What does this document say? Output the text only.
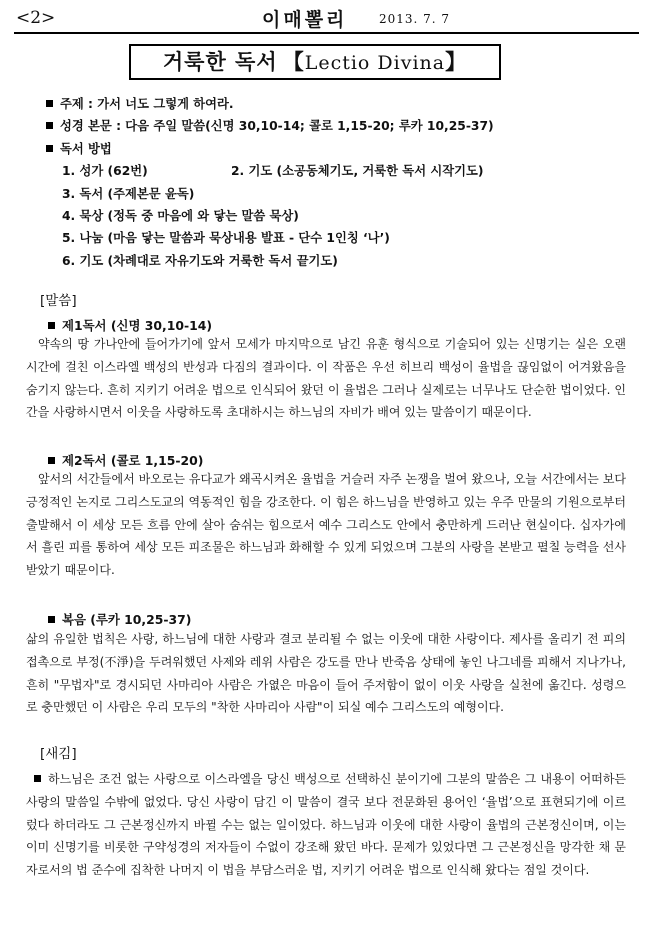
<2>	이매뽈리	2013. 7. 7
거룩한 독서 【Lectio Divina】
주제 : 가서 너도 그렇게 하여라.
성경 본문 : 다음 주일 말씀(신명 30,10-14; 콜로 1,15-20; 루카 10,25-37)
독서 방법
1. 성가 (62번)	2. 기도 (소공동체기도, 거룩한 독서 시작기도)
3. 독서 (주제본문 윤독)
4. 묵상 (정독 중 마음에 와 닿는 말씀 묵상)
5. 나눔 (마음 닿는 말씀과 묵상내용 발표 - 단수 1인칭 ‘나’)
6. 기도 (차례대로 자유기도와 거룩한 독서 끝기도)
[말씀]
제1독서 (신명 30,10-14)

약속의 땅 가나안에 들어가기에 앞서 모세가 마지막으로 남긴 유훈 형식으로 기술되어 있는 신명기는 실은 오랜 시간에 걸친 이스라엘 백성의 반성과 다짐의 결과이다. 이 작품은 우선 히브리 백성이 율법을 끊임없이 어겨왔음을 숨기지 않는다. 흔히 지키기 어려운 법으로 인식되어 왔던 이 율법은 그러나 실제로는 너무나도 단순한 법이었다. 인간을 사랑하시면서 이웃을 사랑하도록 초대하시는 하느님의 자비가 배여 있는 말씀이기 때문이다.

제2독서 (콜로 1,15-20)

앞서의 서간들에서 바오로는 유다교가 왜곡시켜온 율법을 거슬러 자주 논쟁을 벌여 왔으나, 오늘 서간에서는 보다 긍정적인 논지로 그리스도교의 역동적인 힘을 강조한다. 이 힘은 하느님을 반영하고 있는 우주 만물의 기원으로부터 출발해서 이 세상 모든 흐름 안에 살아 숨쉬는 힘으로서 예수 그리스도 안에서 충만하게 드러난 현실이다. 십자가에서 흘린 피를 통하여 세상 모든 피조물은 하느님과 화해할 수 있게 되었으며 그분의 사랑을 본받고 펼칠 능력을 선사 받았기 때문이다.

복음 (루카 10,25-37)

삶의 유일한 법칙은 사랑, 하느님에 대한 사랑과 결코 분리될 수 없는 이웃에 대한 사랑이다. 제사를 올리기 전 피의 접촉으로 부정(不淨)을 두려워했던 사제와 레위 사람은 강도를 만나 반죽음 상태에 놓인 나그네를 피해서 지나가나, 흔히 "무법자"로 경시되던 사마리아 사람은 가엾은 마음이 들어 주저함이 없이 이웃 사랑을 실천에 옮긴다. 성령으로 충만했던 이 사람은 우리 모두의 "착한 사마리아 사람"이 되실 예수 그리스도의 예형이다.

[새김]

하느님은 조건 없는 사랑으로 이스라엘을 당신 백성으로 선택하신 분이기에 그분의 말씀은 그 내용이 어떠하든 사랑의 말씀일 수밖에 없었다. 당신 사랑이 담긴 이 말씀이 결국 보다 전문화된 용어인 ‘율법’으로 표현되기에 이르렀다 하더라도 그 근본정신까지 바뀔 수는 없는 일이었다. 하느님과 이웃에 대한 사랑이 율법의 근본정신이며, 이는 이미 신명기를 비롯한 구약성경의 저자들이 수없이 강조해 왔던 바다. 문제가 있었다면 그 근본정신을 망각한 채 문자로서의 법 준수에 집착한 나머지 이 법을 부담스러운 법, 지키기 어려운 법으로 인식해 왔다는 점일 것이다.
